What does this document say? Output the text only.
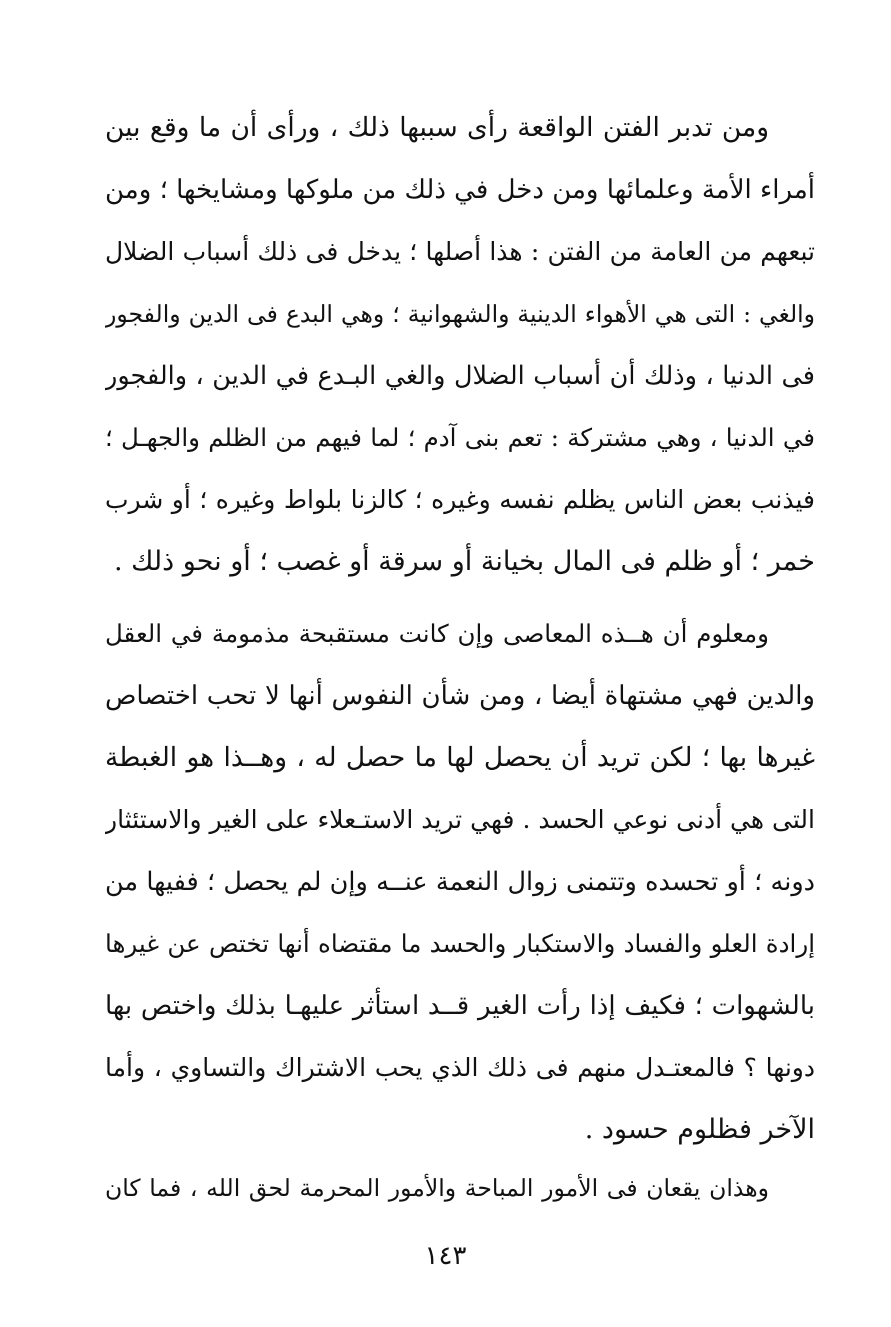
ومن تدبر الفتن الواقعة رأى سببها ذلك ، ورأى أن ما وقع بين
أمراء الأمة وعلمائها ومن دخل في ذلك من ملوكها ومشايخها ؛ ومن
تبعهم من العامة من الفتن : هذا أصلها ؛ يدخل فى ذلك أسباب الضلال
والغي : التى هي الأهواء الدينية والشهوانية ؛ وهي البدع فى الدين والفجور
فى الدنيا ، وذلك أن أسباب الضلال والغي البـدع في الدين ، والفجور
في الدنيا ، وهي مشتركة : تعم بنى آدم ؛ لما فيهم من الظلم والجهـل ؛
فيذنب بعض الناس يظلم نفسه وغيره ؛ كالزنا بلواط وغيره ؛ أو شرب
خمر ؛ أو ظلم فى المال بخيانة أو سرقة أو غصب ؛ أو نحو ذلك .
ومعلوم أن هــذه المعاصى وإن كانت مستقبحة مذمومة في العقل
والدين فهي مشتهاة أيضا ، ومن شأن النفوس أنها لا تحب اختصاص
غيرها بها ؛ لكن تريد أن يحصل لها ما حصل له ، وهــذا هو الغبطة
التى هي أدنى نوعي الحسد . فهي تريد الاستـعلاء على الغير والاستئثار
دونه ؛ أو تحسده وتتمنى زوال النعمة عنــه وإن لم يحصل ؛ ففيها من
إرادة العلو والفساد والاستكبار والحسد ما مقتضاه أنها تختص عن غيرها
بالشهوات ؛ فكيف إذا رأت الغير قــد استأثر عليهـا بذلك واختص بها
دونها ؟ فالمعتـدل منهم فى ذلك الذي يحب الاشتراك والتساوي ، وأما
الآخر فظلوم حسود .
وهذان يقعان فى الأمور المباحة والأمور المحرمة لحق الله ، فما كان
١٤٣
